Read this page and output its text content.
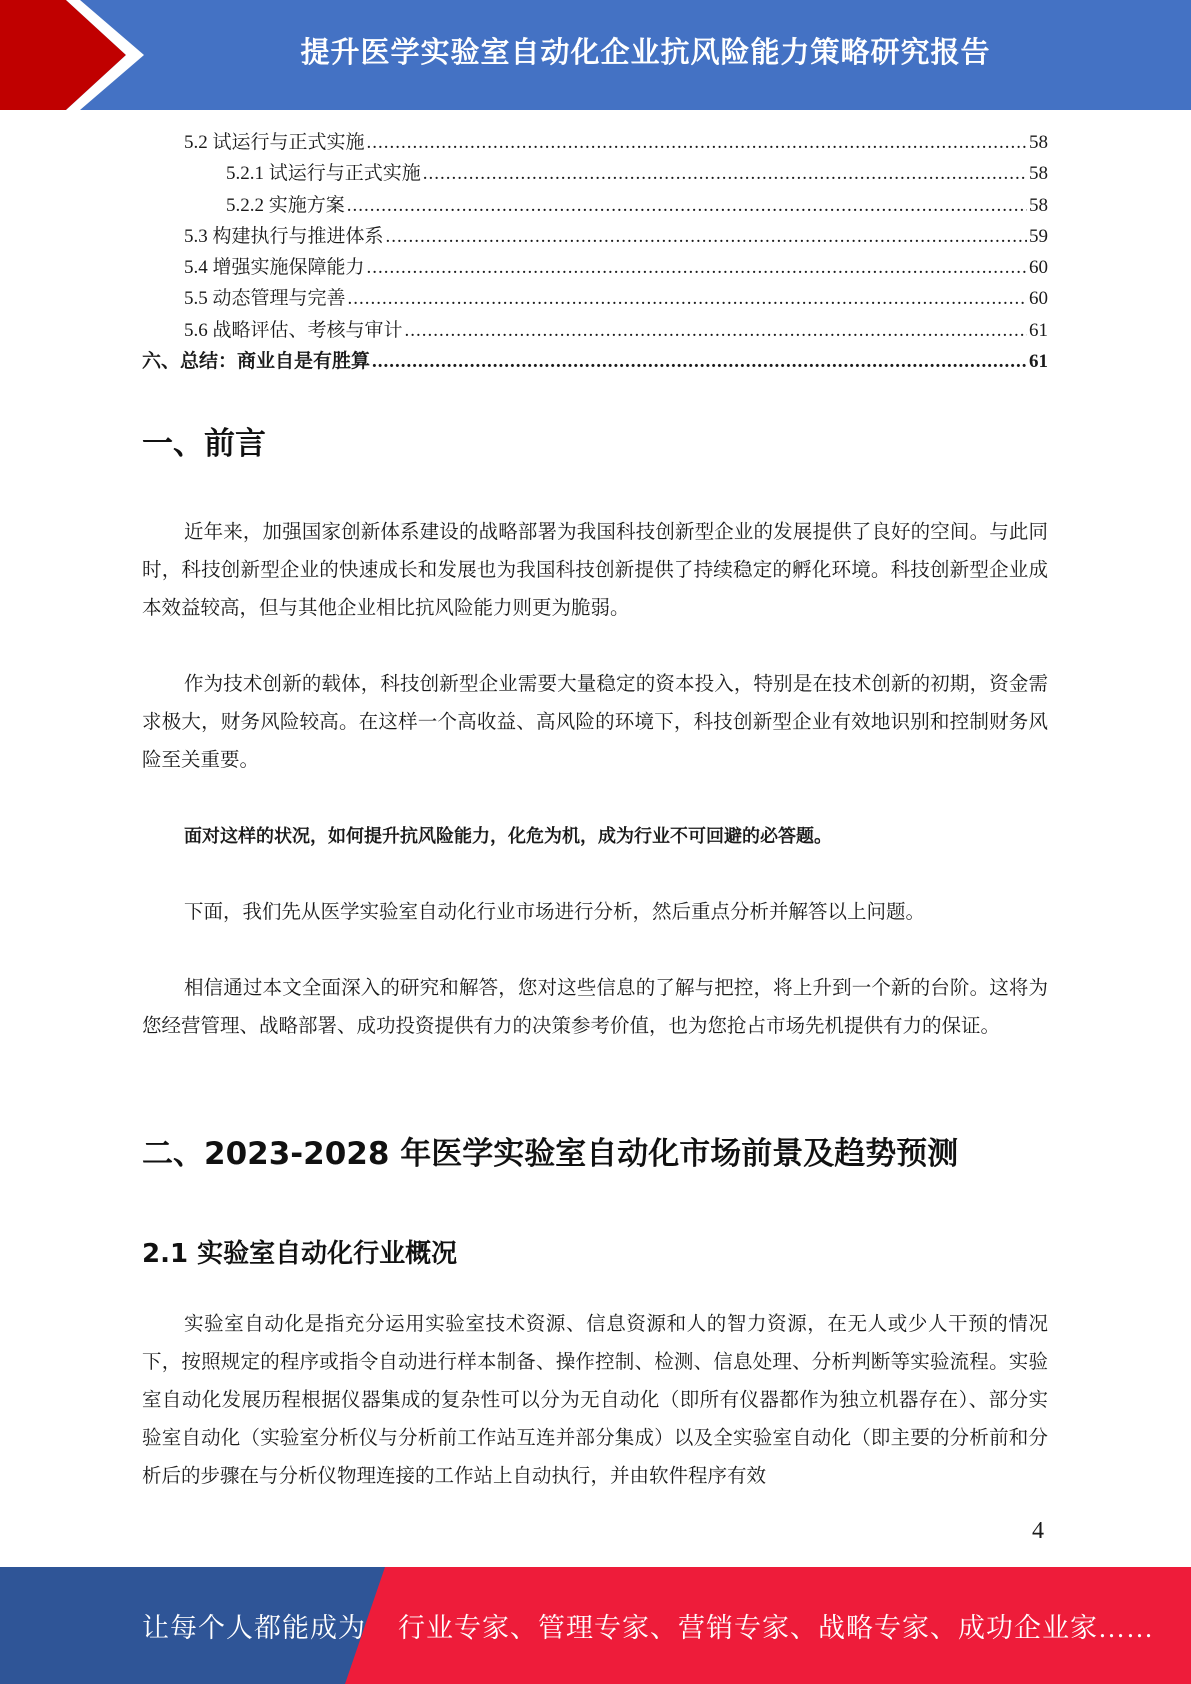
提升医学实验室自动化企业抗风险能力策略研究报告
5.2 试运行与正式实施 .....	58
5.2.1 试运行与正式实施 .....	58
5.2.2 实施方案 .....	58
5.3 构建执行与推进体系 .....	59
5.4 增强实施保障能力 .....	60
5.5 动态管理与完善 .....	60
5.6 战略评估、考核与审计 .....	61
六、总结：商业自是有胜算 .....	61
一、前言
近年来，加强国家创新体系建设的战略部署为我国科技创新型企业的发展提供了良好的空间。与此同时，科技创新型企业的快速成长和发展也为我国科技创新提供了持续稳定的孵化环境。科技创新型企业成本效益较高，但与其他企业相比抗风险能力则更为脆弱。
作为技术创新的载体，科技创新型企业需要大量稳定的资本投入，特别是在技术创新的初期，资金需求极大，财务风险较高。在这样一个高收益、高风险的环境下，科技创新型企业有效地识别和控制财务风险至关重要。
面对这样的状况，如何提升抗风险能力，化危为机，成为行业不可回避的必答题。
下面，我们先从医学实验室自动化行业市场进行分析，然后重点分析并解答以上问题。
相信通过本文全面深入的研究和解答，您对这些信息的了解与把控，将上升到一个新的台阶。这将为您经营管理、战略部署、成功投资提供有力的决策参考价值，也为您抢占市场先机提供有力的保证。
二、2023-2028 年医学实验室自动化市场前景及趋势预测
2.1 实验室自动化行业概况
实验室自动化是指充分运用实验室技术资源、信息资源和人的智力资源，在无人或少人干预的情况下，按照规定的程序或指令自动进行样本制备、操作控制、检测、信息处理、分析判断等实验流程。实验室自动化发展历程根据仪器集成的复杂性可以分为无自动化（即所有仪器都作为独立机器存在）、部分实验室自动化（实验室分析仪与分析前工作站互连并部分集成）以及全实验室自动化（即主要的分析前和分析后的步骤在与分析仪物理连接的工作站上自动执行，并由软件程序有效
4
让每个人都能成为 行业专家、管理专家、营销专家、战略专家、成功企业家……
